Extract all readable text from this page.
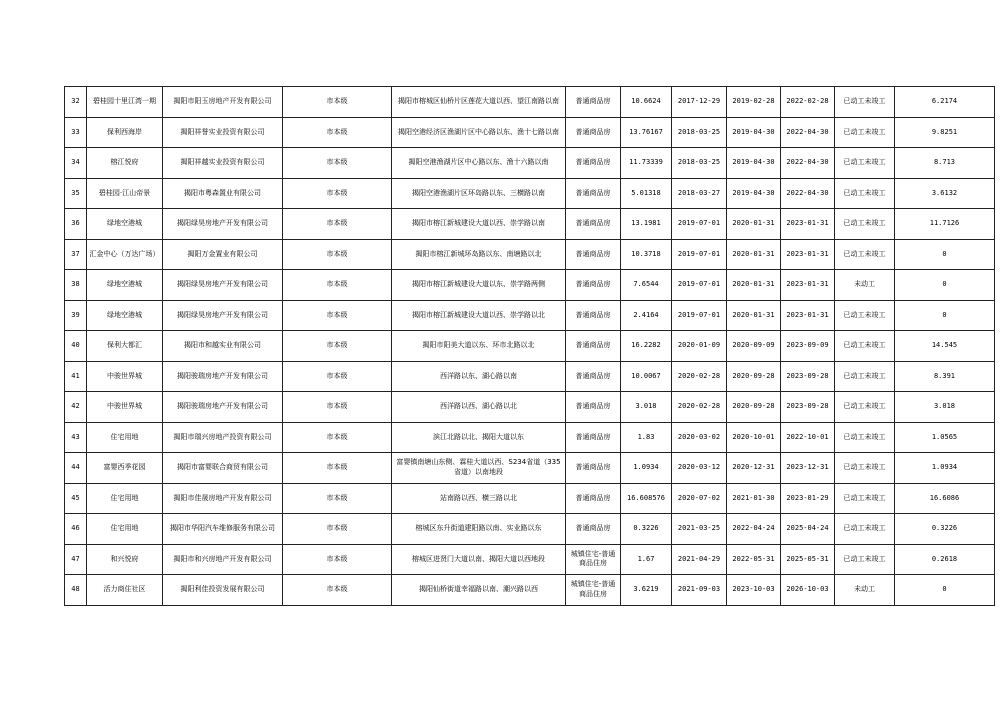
32	碧桂园十里江湾一期	揭阳市阳玉房地产开发有限公司	市本级	揭阳市榕城区仙桥片区莲花大道以西、望江南路以南	普通商品房	10.6624	2017-12-29	2019-02-28	2022-02-28	已动工未竣工	6.2174
33	保利西海岸	揭阳祥誉实业投资有限公司	市本级	揭阳空港经济区渔湖片区中心路以东、渔十七路以南	普通商品房	13.76167	2018-03-25	2019-04-30	2022-04-30	已动工未竣工	9.8251
34	榕江悦府	揭阳祥越实业投资有限公司	市本级	揭阳空港渔湖片区中心路以东、渔十六路以南	普通商品房	11.73339	2018-03-25	2019-04-30	2022-04-30	已动工未竣工	8.713
35	碧桂园·江山帝景	揭阳市粤森置业有限公司	市本级	揭阳空港渔湖片区环岛路以东、三横路以南	普通商品房	5.01318	2018-03-27	2019-04-30	2022-04-30	已动工未竣工	3.6132
36	绿地空港城	揭阳绿昊房地产开发有限公司	市本级	揭阳市榕江新城建设大道以西、崇学路以南	普通商品房	13.1981	2019-07-01	2020-01-31	2023-01-31	已动工未竣工	11.7126
37	汇金中心（万达广场）	揭阳万金置业有限公司	市本级	揭阳市榕江新城环岛路以东、南塘路以北	普通商品房	10.3718	2019-07-01	2020-01-31	2023-01-31	已动工未竣工	0
38	绿地空港城	揭阳绿昊房地产开发有限公司	市本级	揭阳市榕江新城建设大道以东、崇学路两侧	普通商品房	7.6544	2019-07-01	2020-01-31	2023-01-31	未动工	0
39	绿地空港城	揭阳绿昊房地产开发有限公司	市本级	揭阳市榕江新城建设大道以西、崇学路以北	普通商品房	2.4164	2019-07-01	2020-01-31	2023-01-31	已动工未竣工	0
40	保利大都汇	揭阳市和越实业有限公司	市本级	揭阳市阳美大道以东、环市北路以北	普通商品房	16.2282	2020-01-09	2020-09-09	2023-09-09	已动工未竣工	14.545
41	中骏世界城	揭阳骏瑞房地产开发有限公司	市本级	西洋路以东、湖心路以南	普通商品房	10.0067	2020-02-28	2020-09-28	2023-09-28	已动工未竣工	8.391
42	中骏世界城	揭阳骏瑞房地产开发有限公司	市本级	西洋路以西、湖心路以北	普通商品房	3.018	2020-02-28	2020-09-28	2023-09-28	已动工未竣工	3.018
43	住宅用地	揭阳市瑞兴房地产投资有限公司	市本级	滨江北路以北、揭阳大道以东	普通商品房	1.83	2020-03-02	2020-10-01	2022-10-01	已动工未竣工	1.0565
44	富婴西季花园	揭阳市富婴联合商贸有限公司	市本级	富婴镇南塘山东侧、霖桂大道以西、S234省道（335省道）以南地段	普通商品房	1.0934	2020-03-12	2020-12-31	2023-12-31	已动工未竣工	1.0934
45	住宅用地	揭阳市佳晟房地产开发有限公司	市本级	站南路以西、横三路以北	普通商品房	16.608576	2020-07-02	2021-01-30	2023-01-29	已动工未竣工	16.6086
46	住宅用地	揭阳市华阳汽车维修服务有限公司	市本级	榕城区东升街道建阳路以南、实业路以东	普通商品房	0.3226	2021-03-25	2022-04-24	2025-04-24	已动工未竣工	0.3226
47	和兴悦府	揭阳市和兴房地产开发有限公司	市本级	榕城区进贤门大道以南、揭阳大道以西地段	城镇住宅-普通商品住房	1.67	2021-04-29	2022-05-31	2025-05-31	已动工未竣工	0.2618
48	活力商住社区	揭阳利佳投资发展有限公司	市本级	揭阳仙桥街道幸福路以南、潮兴路以西	城镇住宅-普通商品住房	3.6219	2021-09-03	2023-10-03	2026-10-03	未动工	0
